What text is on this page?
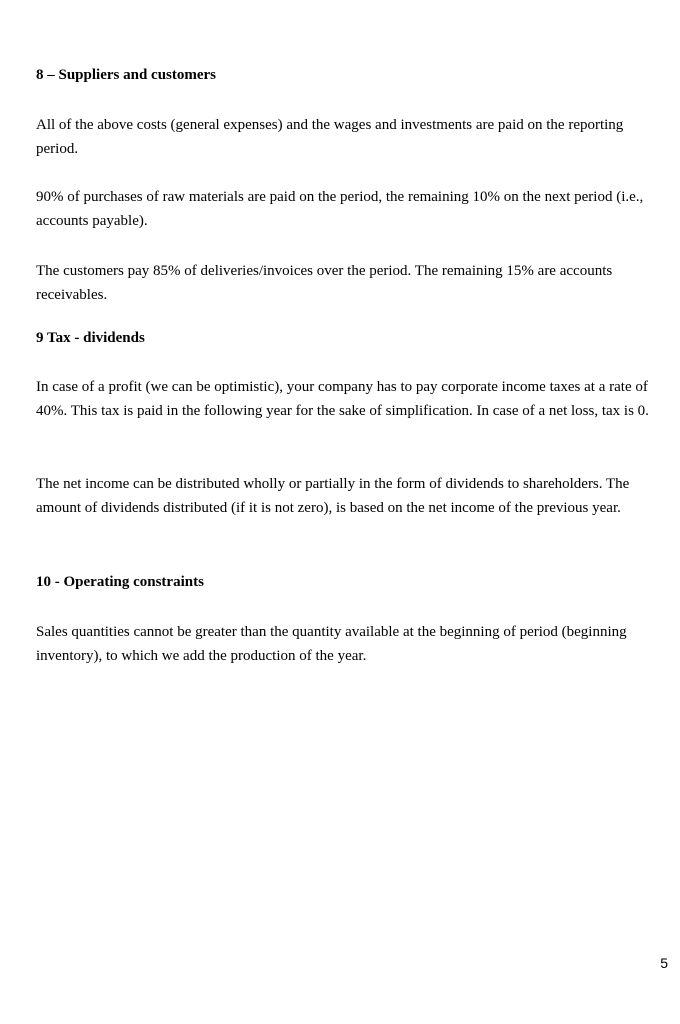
8 – Suppliers and customers

All of the above costs (general expenses) and the wages and investments are paid on the reporting period.

90% of purchases of raw materials are paid on the period, the remaining 10% on the next period (i.e., accounts payable).

The customers pay 85% of deliveries/invoices over the period. The remaining 15% are accounts receivables.

9 Tax - dividends

In case of a profit (we can be optimistic), your company has to pay corporate income taxes at a rate of 40%. This tax is paid in the following year for the sake of simplification. In case of a net loss, tax is 0.

The net income can be distributed wholly or partially in the form of dividends to shareholders. The amount of dividends distributed (if it is not zero), is based on the net income of the previous year.

10 - Operating constraints

Sales quantities cannot be greater than the quantity available at the beginning of period (beginning inventory), to which we add the production of the year.

5
